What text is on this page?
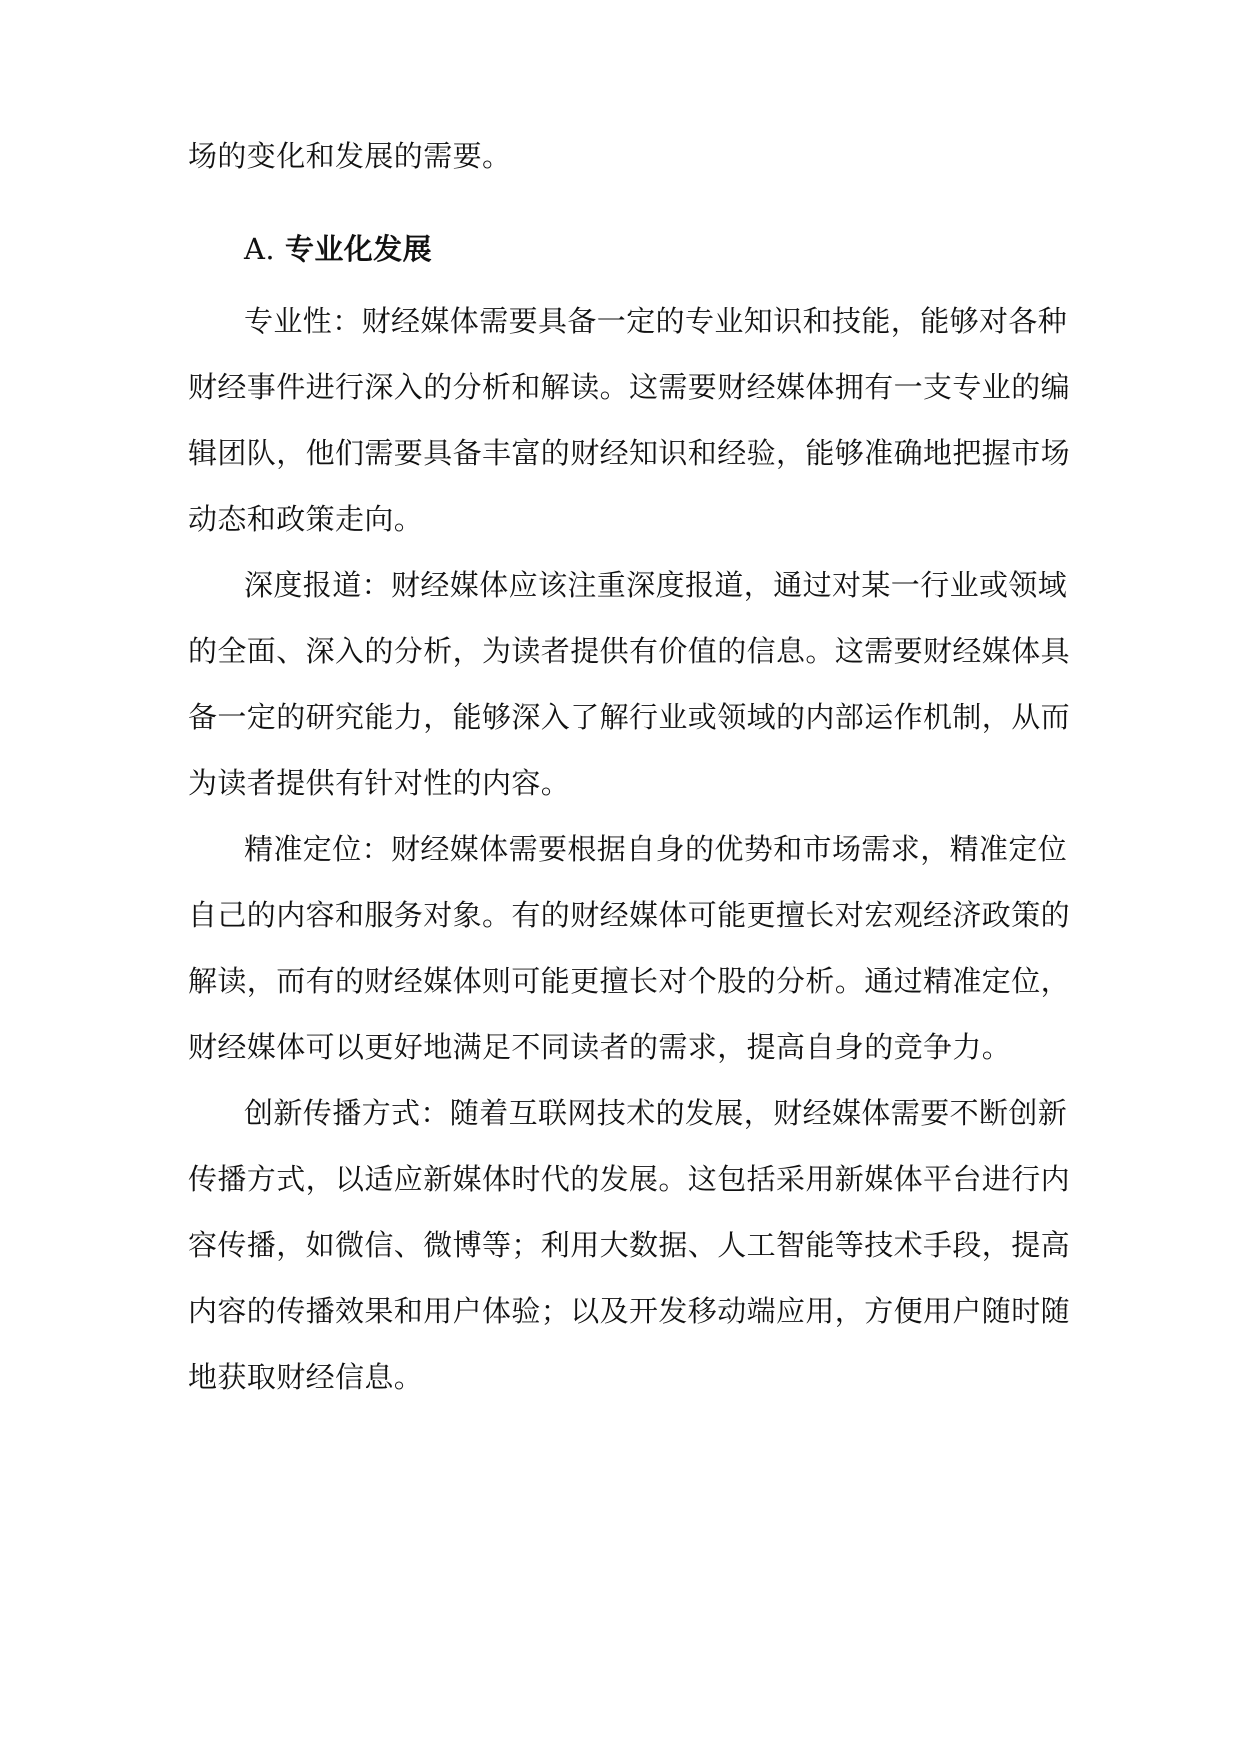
场的变化和发展的需要。

A. 专业化发展

专业性：财经媒体需要具备一定的专业知识和技能，能够对各种

财经事件进行深入的分析和解读。这需要财经媒体拥有一支专业的编

辑团队，他们需要具备丰富的财经知识和经验，能够准确地把握市场

动态和政策走向。

深度报道：财经媒体应该注重深度报道，通过对某一行业或领域

的全面、深入的分析，为读者提供有价值的信息。这需要财经媒体具

备一定的研究能力，能够深入了解行业或领域的内部运作机制，从而

为读者提供有针对性的内容。

精准定位：财经媒体需要根据自身的优势和市场需求，精准定位

自己的内容和服务对象。有的财经媒体可能更擅长对宏观经济政策的

解读，而有的财经媒体则可能更擅长对个股的分析。通过精准定位，

财经媒体可以更好地满足不同读者的需求，提高自身的竞争力。

创新传播方式：随着互联网技术的发展，财经媒体需要不断创新

传播方式，以适应新媒体时代的发展。这包括采用新媒体平台进行内

容传播，如微信、微博等；利用大数据、人工智能等技术手段，提高

内容的传播效果和用户体验；以及开发移动端应用，方便用户随时随

地获取财经信息。
